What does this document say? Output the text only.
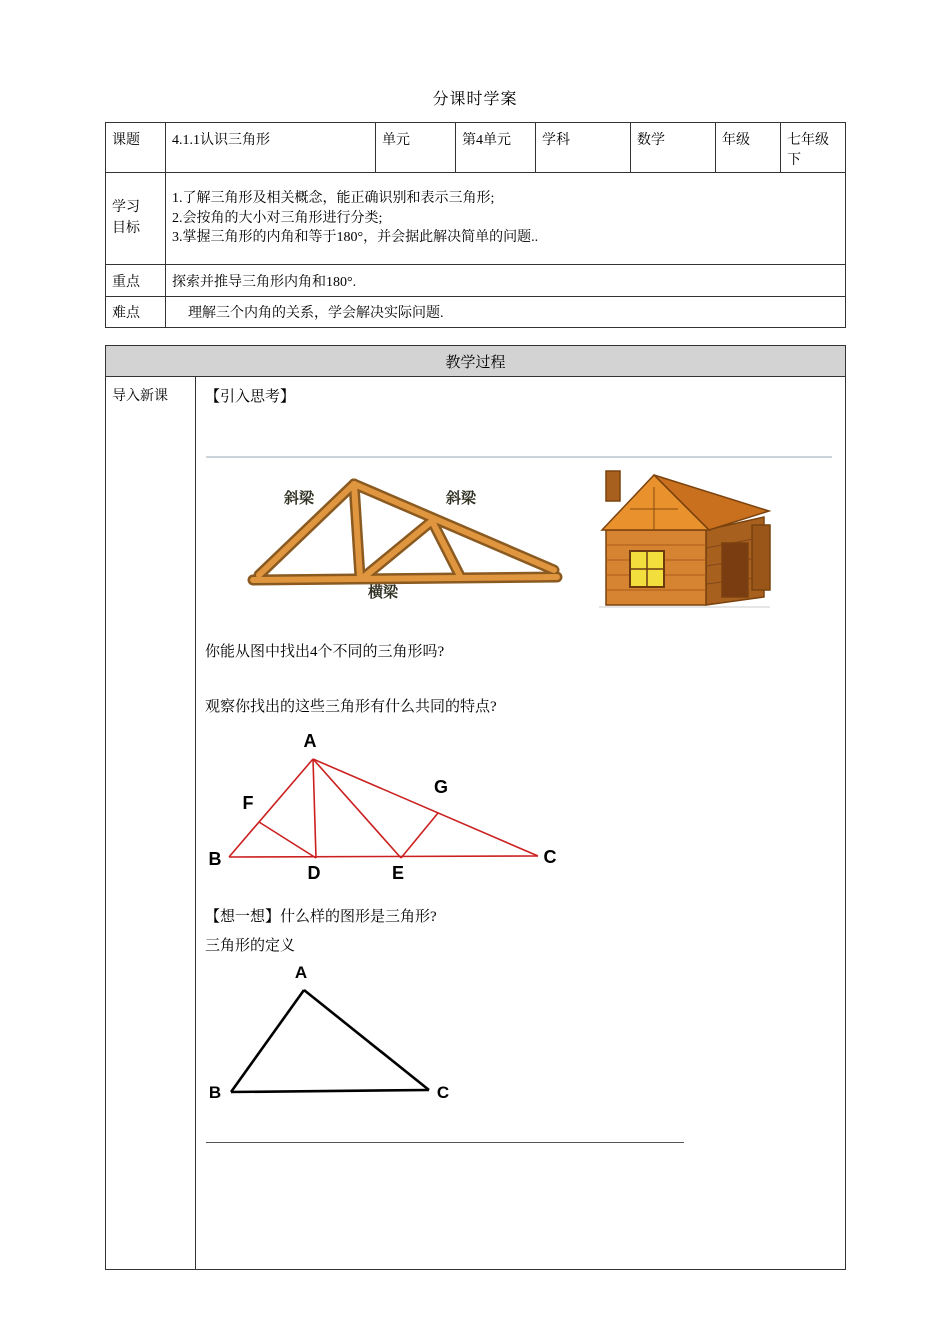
分课时学案
课题	4.1.1认识三角形	单元	第4单元	学科	数学	年级	七年级下

学习目标	1.了解三角形及相关概念，能正确识别和表示三角形;
2.会按角的大小对三角形进行分类;
3.掌握三角形的内角和等于180°，并会据此解决简单的问题..						

重点	探索并推导三角形内角和180°.						
难点	理解三个内角的关系，学会解决实际问题.						
教学过程
导入新课	【引入思考】
斜梁	斜梁
横梁
你能从图中找出4个不同的三角形吗?
观察你找出的这些三角形有什么共同的特点?
A
F
G
B
D	E
C
【想一想】什么样的图形是三角形?
三角形的定义
A
B	C
